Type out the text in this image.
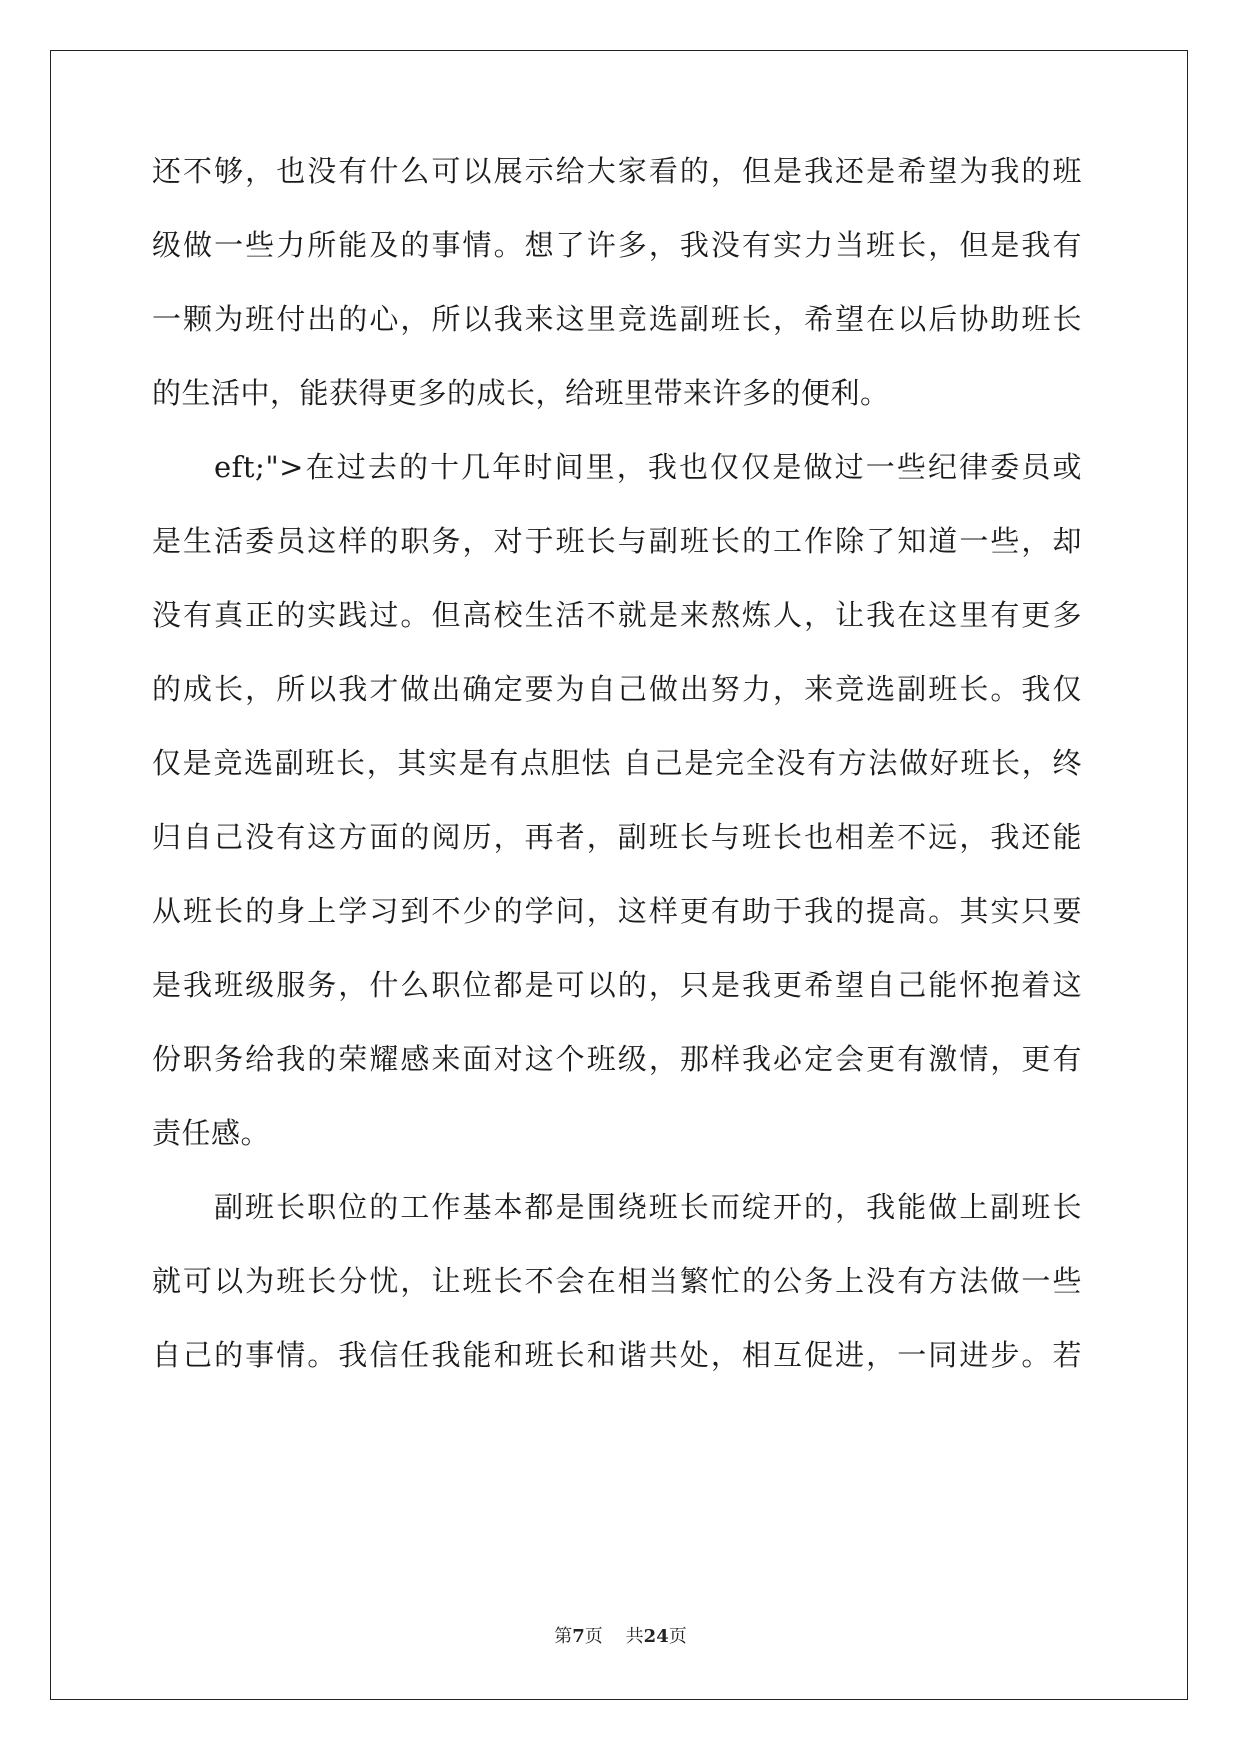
还不够，也没有什么可以展示给大家看的，但是我还是希望为我的班
级做一些力所能及的事情。想了许多，我没有实力当班长，但是我有
一颗为班付出的心，所以我来这里竞选副班长，希望在以后协助班长
的生活中，能获得更多的成长，给班里带来许多的便利。
eft;">在过去的十几年时间里，我也仅仅是做过一些纪律委员或
是生活委员这样的职务，对于班长与副班长的工作除了知道一些，却
没有真正的实践过。但高校生活不就是来熬炼人，让我在这里有更多
的成长，所以我才做出确定要为自己做出努力，来竞选副班长。我仅
仅是竞选副班长，其实是有点胆怯 自己是完全没有方法做好班长，终
归自己没有这方面的阅历，再者，副班长与班长也相差不远，我还能
从班长的身上学习到不少的学问，这样更有助于我的提高。其实只要
是我班级服务，什么职位都是可以的，只是我更希望自己能怀抱着这
份职务给我的荣耀感来面对这个班级，那样我必定会更有激情，更有
责任感。
副班长职位的工作基本都是围绕班长而绽开的，我能做上副班长
就可以为班长分忧，让班长不会在相当繁忙的公务上没有方法做一些
自己的事情。我信任我能和班长和谐共处，相互促进，一同进步。若
第7页 共24页
